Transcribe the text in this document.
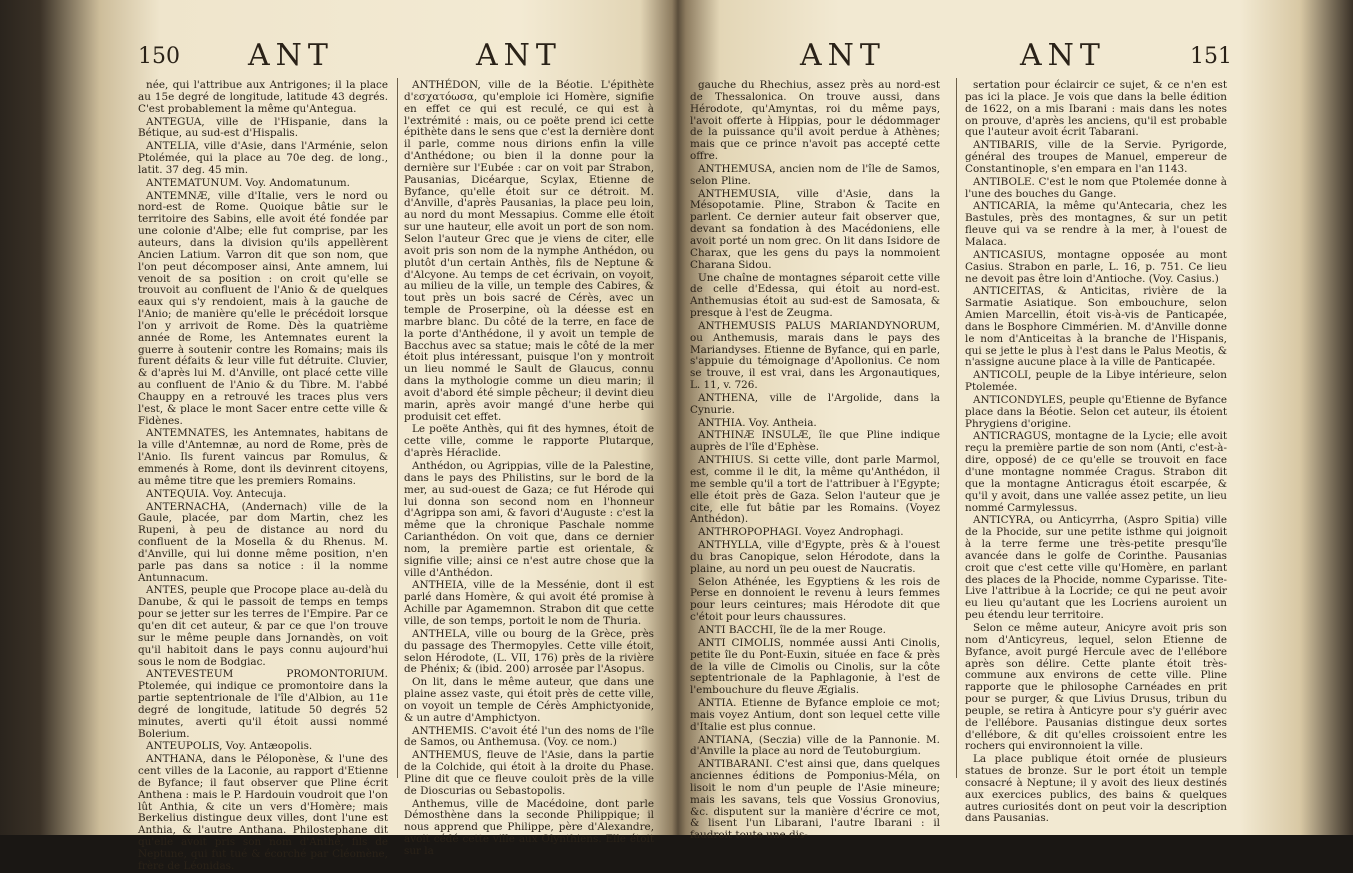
150 ANT	ANT

née, qui l'attribue aux Antrigones; il la place au 15e degré de longitude, latitude 43 degrés. C'est probablement la même qu'Antegua.

ANTEGUA, ville de l'Hispanie, dans la Bétique, au sud-est d'Hispalis.

ANTELIA, ville d'Asie, dans l'Arménie, selon Ptolémée, qui la place au 70e deg. de long., latit. 37 deg. 45 min.

ANTEMATUNUM. Voy. Andomatunum.

ANTEMNÆ, ville d'Italie, vers le nord ou nord-est de Rome. Quoique bâtie sur le territoire des Sabins, elle avoit été fondée par une colonie d'Albe; elle fut comprise, par les auteurs, dans la division qu'ils appellèrent Ancien Latium. Varron dit que son nom, que l'on peut décomposer ainsi, Ante amnem, lui venoit de sa position : on croit qu'elle se trouvoit au confluent de l'Anio & de quelques eaux qui s'y rendoient, mais à la gauche de l'Anio; de manière qu'elle le précédoit lorsque l'on y arrivoit de Rome. Dès la quatrième année de Rome, les Antemnates eurent la guerre à soutenir contre les Romains; mais ils furent défaits & leur ville fut détruite. Cluvier, & d'après lui M. d'Anville, ont placé cette ville au confluent de l'Anio & du Tibre. M. l'abbé Chauppy en a retrouvé les traces plus vers l'est, & place le mont Sacer entre cette ville & Fidènes.

ANTEMNATES, les Antemnates, habitans de la ville d'Antemnæ, au nord de Rome, près de l'Anio. Ils furent vaincus par Romulus, & emmenés à Rome, dont ils devinrent citoyens, au même titre que les premiers Romains.

ANTEQUIA. Voy. Antecuja.

ANTERNACHA, (Andernach) ville de la Gaule, placée, par dom Martin, chez les Rupeni, à peu de distance au nord du confluent de la Mosella & du Rhenus. M. d'Anville, qui lui donne même position, n'en parle pas dans sa notice : il la nomme Antunnacum.

ANTES, peuple que Procope place au-delà du Danube, & qui le passoit de temps en temps pour se jetter sur les terres de l'Empire. Par ce qu'en dit cet auteur, & par ce que l'on trouve sur le même peuple dans Jornandès, on voit qu'il habitoit dans le pays connu aujourd'hui sous le nom de Bodgiac.

ANTEVESTEUM PROMONTORIUM. Ptolemée, qui indique ce promontoire dans la partie septentrionale de l'île d'Albion, au 11e degré de longitude, latitude 50 degrés 52 minutes, averti qu'il étoit aussi nommé Bolerium.

ANTEUPOLIS, Voy. Antæopolis.

ANTHANA, dans le Péloponèse, & l'une des cent villes de la Laconie, au rapport d'Etienne de Byfance; il faut observer que Pline écrit Anthena : mais le P. Hardouin voudroit que l'on lût Anthia, & cite un vers d'Homère; mais Berkelius distingue deux villes, dont l'une est Anthia, & l'autre Anthana. Philostephane dit qu'elle avoit pris son nom d'Anthé, fils de Neptune, qui fut tué & écorché par Cléomène, frère de Léonidas.

ANTHÉDON, ville de la Béotie. L'épithète d'εσχατόωσα, qu'emploie ici Homère, signifie en effet ce qui est reculé, ce qui est à l'extrémité : mais, ou ce poëte prend ici cette épithète dans le sens que c'est la dernière dont il parle, comme nous dirions enfin la ville d'Anthédone; ou bien il la donne pour la dernière sur l'Eubée : car on voit par Strabon, Pausanias, Dicéarque, Scylax, Etienne de Byfance, qu'elle étoit sur ce détroit. M. d'Anville, d'après Pausanias, la place peu loin, au nord du mont Messapius. Comme elle étoit sur une hauteur, elle avoit un port de son nom. Selon l'auteur Grec que je viens de citer, elle avoit pris son nom de la nymphe Anthédon, ou plutôt d'un certain Anthès, fils de Neptune & d'Alcyone. Au temps de cet écrivain, on voyoit, au milieu de la ville, un temple des Cabires, & tout près un bois sacré de Cérès, avec un temple de Proserpine, où la déesse est en marbre blanc. Du côté de la terre, en face de la porte d'Anthédone, il y avoit un temple de Bacchus avec sa statue; mais le côté de la mer étoit plus intéressant, puisque l'on y montroit un lieu nommé le Sault de Glaucus, connu dans la mythologie comme un dieu marin; il avoit d'abord été simple pêcheur; il devint dieu marin, après avoir mangé d'une herbe qui produisit cet effet.

Le poëte Anthès, qui fit des hymnes, étoit de cette ville, comme le rapporte Plutarque, d'après Héraclide.

Anthédon, ou Agrippias, ville de la Palestine, dans le pays des Philistins, sur le bord de la mer, au sud-ouest de Gaza; ce fut Hérode qui lui donna son second nom en l'honneur d'Agrippa son ami, & favori d'Auguste : c'est la même que la chronique Paschale nomme Carianthédon. On voit que, dans ce dernier nom, la première partie est orientale, & signifie ville; ainsi ce n'est autre chose que la ville d'Anthédon.

ANTHEIA, ville de la Messénie, dont il est parlé dans Homère, & qui avoit été promise à Achille par Agamemnon. Strabon dit que cette ville, de son temps, portoit le nom de Thuria.

ANTHELA, ville ou bourg de la Grèce, près du passage des Thermopyles. Cette ville étoit, selon Hérodote, (L. VII, 176) près de la rivière de Phénix; & (ibid. 200) arrosée par l'Asopus.

On lit, dans le même auteur, que dans une plaine assez vaste, qui étoit près de cette ville, on voyoit un temple de Cérès Amphictyonide, & un autre d'Amphictyon.

ANTHEMIS. C'avoit été l'un des noms de l'île de Samos, ou Anthemusa. (Voy. ce nom.)

ANTHEMUS, fleuve de l'Asie, dans la partie de la Colchide, qui étoit à la droite du Phase. Pline dit que ce fleuve couloit près de la ville de Dioscurias ou Sebastopolis.

Anthemus, ville de Macédoine, dont parle Démosthène dans la seconde Philippique; il nous apprend que Philippe, père d'Alexandre, avoit cédé cette ville aux Olynthiens. Elle étoit sur la

ANT	ANT	151

gauche du Rhechius, assez près au nord-est de Thessalonica. On trouve aussi, dans Hérodote, qu'Amyntas, roi du même pays, l'avoit offerte à Hippias, pour le dédommager de la puissance qu'il avoit perdue à Athènes; mais que ce prince n'avoit pas accepté cette offre.

ANTHEMUSA, ancien nom de l'île de Samos, selon Pline.

ANTHEMUSIA, ville d'Asie, dans la Mésopotamie. Pline, Strabon & Tacite en parlent. Ce dernier auteur fait observer que, devant sa fondation à des Macédoniens, elle avoit porté un nom grec. On lit dans Isidore de Charax, que les gens du pays la nommoient Charana Sidou.

Une chaîne de montagnes séparoit cette ville de celle d'Edessa, qui étoit au nord-est. Anthemusias étoit au sud-est de Samosata, & presque à l'est de Zeugma.

ANTHEMUSIS PALUS MARIANDYNORUM, ou Anthemusis, marais dans le pays des Mariandyses. Etienne de Byfance, qui en parle, s'appuie du témoignage d'Apollonius. Ce nom se trouve, il est vrai, dans les Argonautiques, L. 11, v. 726.

ANTHENA, ville de l'Argolide, dans la Cynurie.

ANTHIA. Voy. Antheia.

ANTHINÆ INSULÆ, île que Pline indique auprès de l'île d'Ephèse.

ANTHIUS. Si cette ville, dont parle Marmol, est, comme il le dit, la même qu'Anthédon, il me semble qu'il a tort de l'attribuer à l'Egypte; elle étoit près de Gaza. Selon l'auteur que je cite, elle fut bâtie par les Romains. (Voyez Anthédon).

ANTHROPOPHAGI. Voyez Androphagi.

ANTHYLLA, ville d'Egypte, près & à l'ouest du bras Canopique, selon Hérodote, dans la plaine, au nord un peu ouest de Naucratis.

Selon Athénée, les Egyptiens & les rois de Perse en donnoient le revenu à leurs femmes pour leurs ceintures; mais Hérodote dit que c'étoit pour leurs chaussures.

ANTI BACCHI, île de la mer Rouge.

ANTI CIMOLIS, nommée aussi Anti Cinolis, petite île du Pont-Euxin, située en face & près de la ville de Cimolis ou Cinolis, sur la côte septentrionale de la Paphlagonie, à l'est de l'embouchure du fleuve Ægialis.

ANTIA. Etienne de Byfance emploie ce mot; mais voyez Antium, dont son lequel cette ville d'Italie est plus connue.

ANTIANA, (Seczia) ville de la Pannonie. M. d'Anville la place au nord de Teutoburgium.

ANTIBARANI. C'est ainsi que, dans quelques anciennes éditions de Pomponius-Méla, on lisoit le nom d'un peuple de l'Asie mineure; mais les savans, tels que Vossius Gronovius, &c. disputent sur la manière d'écrire ce mot, & lisent l'un Libarani, l'autre Ibarani : il faudroit toute une dis-

sertation pour éclaircir ce sujet, & ce n'en est pas ici la place. Je vois que dans la belle édition de 1622, on a mis Ibarani : mais dans les notes on prouve, d'après les anciens, qu'il est probable que l'auteur avoit écrit Tabarani.

ANTIBARIS, ville de la Servie. Pyrigorde, général des troupes de Manuel, empereur de Constantinople, s'en empara en l'an 1143.

ANTIBOLE. C'est le nom que Ptolemée donne à l'une des bouches du Gange.

ANTICARIA, la même qu'Antecaria, chez les Bastules, près des montagnes, & sur un petit fleuve qui va se rendre à la mer, à l'ouest de Malaca.

ANTICASIUS, montagne opposée au mont Casius. Strabon en parle, L. 16, p. 751. Ce lieu ne devoit pas être loin d'Antioche. (Voy. Casius.)

ANTICEITAS, & Anticitas, rivière de la Sarmatie Asiatique. Son embouchure, selon Amien Marcellin, étoit vis-à-vis de Panticapée, dans le Bosphore Cimmérien. M. d'Anville donne le nom d'Anticeitas à la branche de l'Hispanis, qui se jette le plus à l'est dans le Palus Meotis, & n'assigne aucune place à la ville de Panticapée.

ANTICOLI, peuple de la Libye intérieure, selon Ptolemée.

ANTICONDYLES, peuple qu'Etienne de Byfance place dans la Béotie. Selon cet auteur, ils étoient Phrygiens d'origine.

ANTICRAGUS, montagne de la Lycie; elle avoit reçu la première partie de son nom (Anti, c'est-à-dire, opposé) de ce qu'elle se trouvoit en face d'une montagne nommée Cragus. Strabon dit que la montagne Anticragus étoit escarpée, & qu'il y avoit, dans une vallée assez petite, un lieu nommé Carmylessus.

ANTICYRA, ou Anticyrrha, (Aspro Spitia) ville de la Phocide, sur une petite isthme qui joignoit à la terre ferme une très-petite presqu'île avancée dans le golfe de Corinthe. Pausanias croit que c'est cette ville qu'Homère, en parlant des places de la Phocide, nomme Cyparisse. Tite-Live l'attribue à la Locride; ce qui ne peut avoir eu lieu qu'autant que les Locriens auroient un peu étendu leur territoire.

Selon ce même auteur, Anicyre avoit pris son nom d'Anticyreus, lequel, selon Etienne de Byfance, avoit purgé Hercule avec de l'ellébore après son délire. Cette plante étoit très-commune aux environs de cette ville. Pline rapporte que le philosophe Carnéades en prit pour se purger, & que Livius Drusus, tribun du peuple, se retira à Anticyre pour s'y guérir avec de l'ellébore. Pausanias distingue deux sortes d'ellébore, & dit qu'elles croissoient entre les rochers qui environnoient la ville.

La place publique étoit ornée de plusieurs statues de bronze. Sur le port étoit un temple consacré à Neptune; il y avoit des lieux destinés aux exercices publics, des bains & quelques autres curiosités dont on peut voir la description dans Pausanias.
